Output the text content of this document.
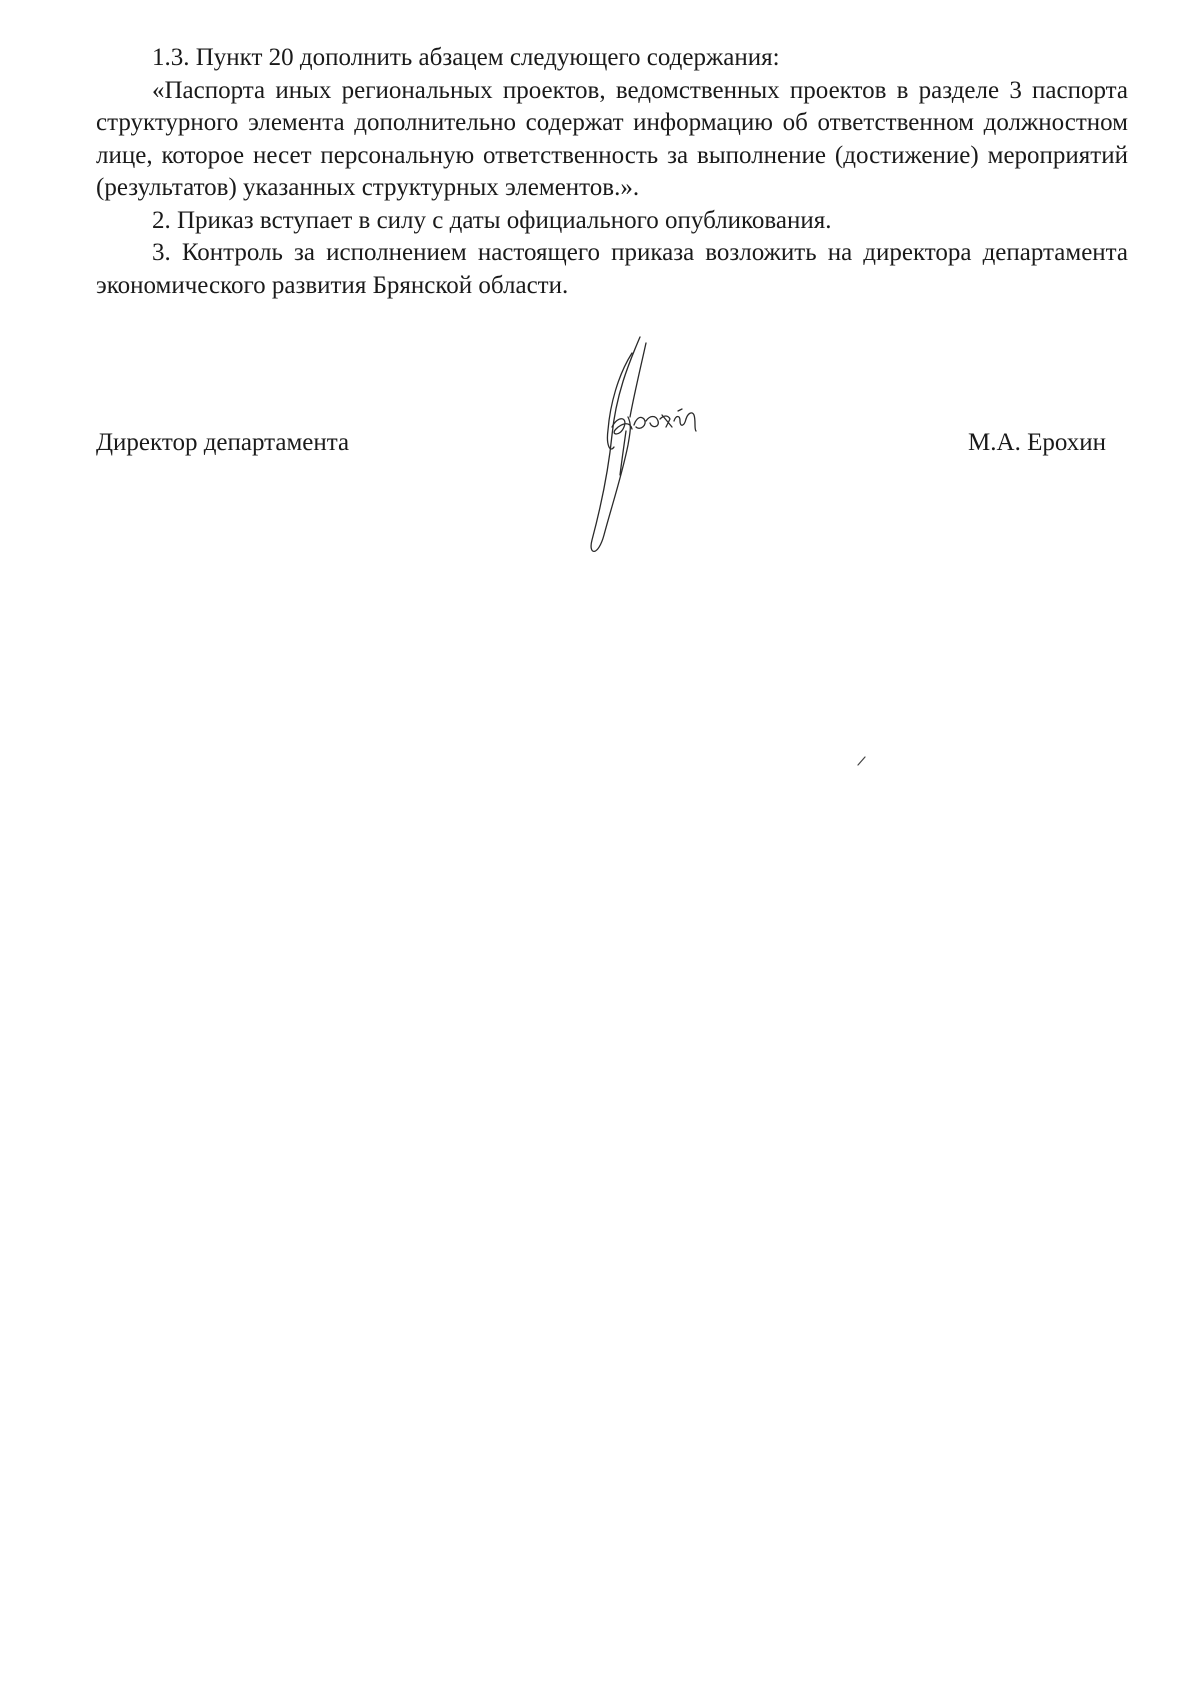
1.3. Пункт 20 дополнить абзацем следующего содержания:

«Паспорта иных региональных проектов, ведомственных проектов в разделе 3 паспорта структурного элемента дополнительно содержат информацию об ответственном должностном лице, которое несет персональную ответственность за выполнение (достижение) мероприятий (результатов) указанных структурных элементов.».

2. Приказ вступает в силу с даты официального опубликования.

3. Контроль за исполнением настоящего приказа возложить на директора департамента экономического развития Брянской области.

Директор департамента	М.А. Ерохин
